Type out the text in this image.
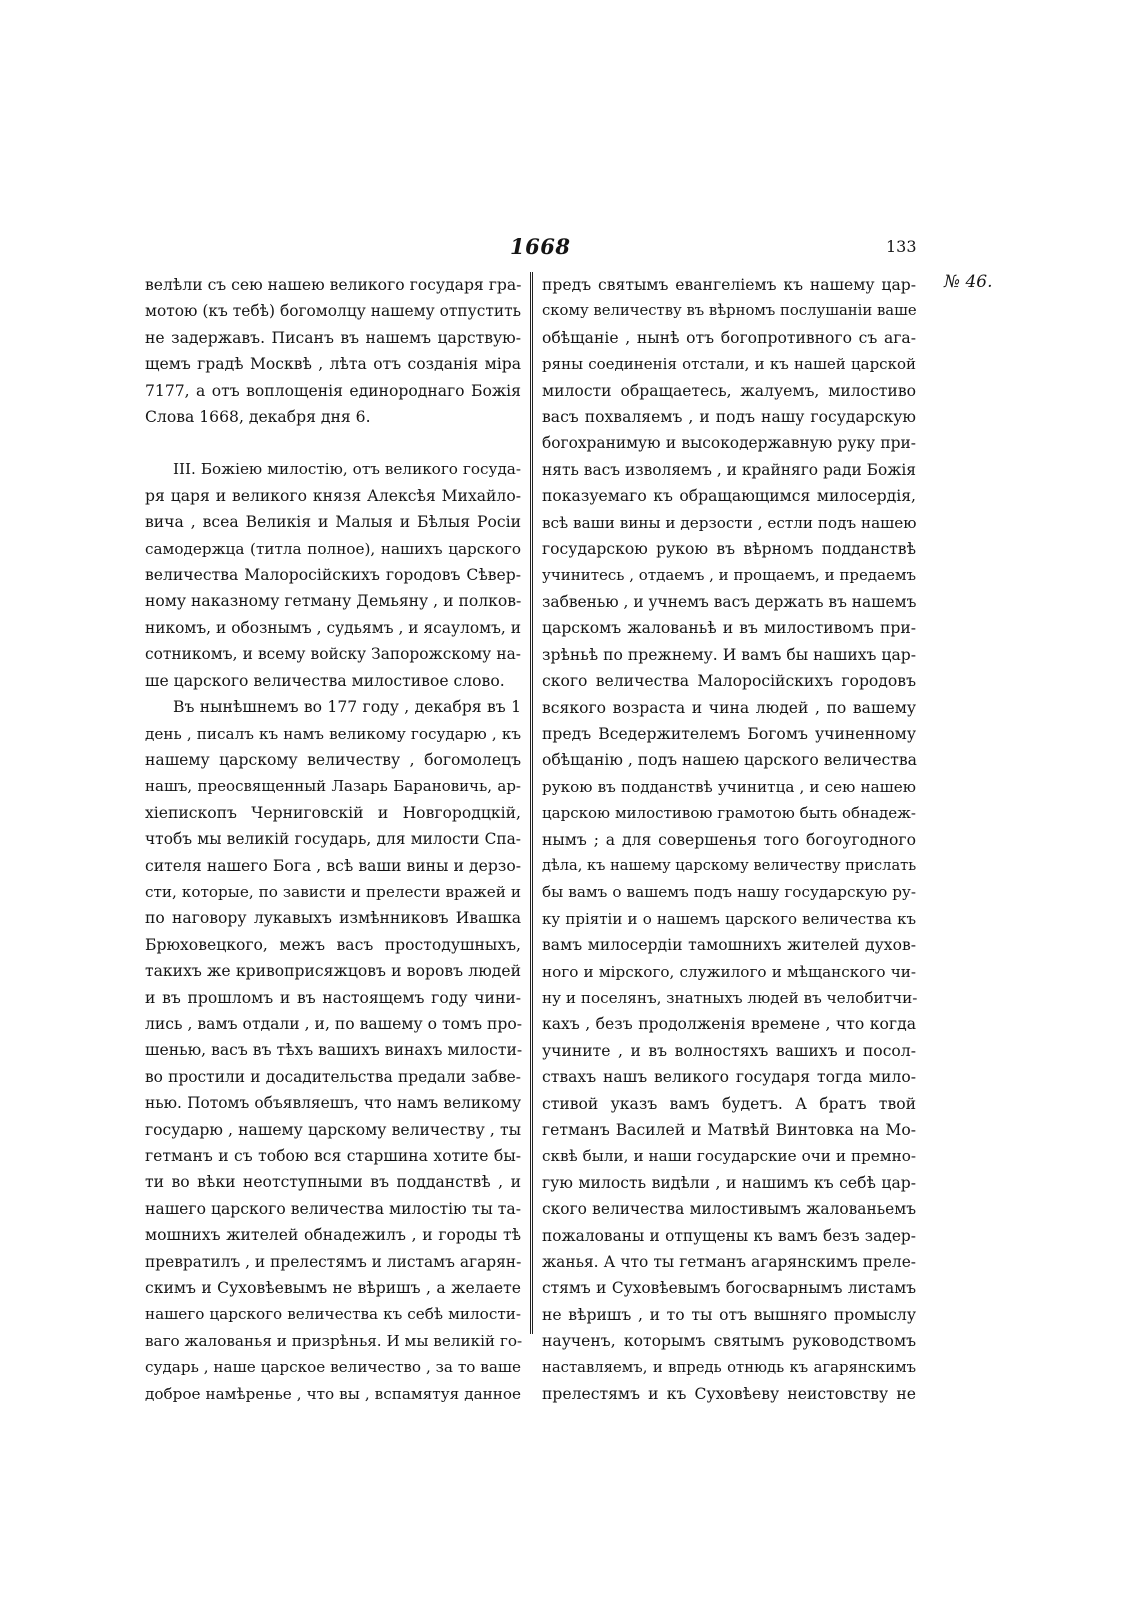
1668	133
№ 46.

велѣли съ сею нашею великого государя гра-

мотою (къ тебѣ) богомолцу нашему отпустить

не задержавъ. Писанъ въ нашемъ царствую-

щемъ градѣ Москвѣ , лѣта отъ созданія міра

7177, а отъ воплощенія единороднаго Божія

Слова 1668, декабря дня 6.

III. Божіею милостію, отъ великого госуда-

ря царя и великого князя Алексѣя Михайло-

вича , всеа Великія и Малыя и Бѣлыя Росіи

самодержца (титла полное), нашихъ царского

величества Малоросійскихъ городовъ Сѣвер-

ному наказному гетману Демьяну , и полков-

никомъ, и обознымъ , судьямъ , и ясауломъ, и

сотникомъ, и всему войску Запорожскому на-

ше царского величества милостивое слово.

Въ нынѣшнемъ во 177 году , декабря въ 1

день , писалъ къ намъ великому государю , къ

нашему царскому величеству , богомолецъ

нашъ, преосвященный Лазарь Барановичь, ар-

хіепископъ Черниговскій и Новгородцкій,

чтобъ мы великій государь, для милости Спа-

сителя нашего Бога , всѣ ваши вины и дерзо-

сти, которые, по зависти и прелести вражей и

по наговору лукавыхъ измѣнниковъ Ивашка

Брюховецкого, межъ васъ простодушныхъ,

такихъ же кривоприсяжцовъ и воровъ людей

и въ прошломъ и въ настоящемъ году чини-

лись , вамъ отдали , и, по вашему о томъ про-

шенью, васъ въ тѣхъ вашихъ винахъ милости-

во простили и досадительства предали забве-

нью. Потомъ объявляешъ, что намъ великому

государю , нашему царскому величеству , ты

гетманъ и съ тобою вся старшина хотите бы-

ти во вѣки неотступными въ подданствѣ , и

нашего царского величества милостію ты та-

мошнихъ жителей обнадежилъ , и городы тѣ

превратилъ , и прелестямъ и листамъ агарян-

скимъ и Суховѣевымъ не вѣришъ , а желаете

нашего царского величества къ себѣ милости-

ваго жалованья и призрѣнья. И мы великій го-

сударь , наше царское величество , за то ваше

доброе намѣренье , что вы , вспамятуя данное

предъ святымъ евангеліемъ къ нашему цар-

скому величеству въ вѣрномъ послушаніи ваше

обѣщаніе , нынѣ отъ богопротивного съ ага-

ряны соединенія отстали, и къ нашей царской

милости обращаетесь, жалуемъ, милостиво

васъ похваляемъ , и подъ нашу государскую

богохранимую и высокодержавную руку при-

нять васъ изволяемъ , и крайняго ради Божія

показуемаго къ обращающимся милосердія,

всѣ ваши вины и дерзости , естли подъ нашею

государскою рукою въ вѣрномъ подданствѣ

учинитесь , отдаемъ , и прощаемъ, и предаемъ

забвенью , и учнемъ васъ держать въ нашемъ

царскомъ жалованьѣ и въ милостивомъ при-

зрѣньѣ по прежнему. И вамъ бы нашихъ цар-

ского величества Малоросійскихъ городовъ

всякого возраста и чина людей , по вашему

предъ Вседержителемъ Богомъ учиненному

обѣщанію , подъ нашею царского величества

рукою въ подданствѣ учинитца , и сею нашею

царскою милостивою грамотою быть обнадеж-

нымъ ; а для совершенья того богоугодного

дѣла, къ нашему царскому величеству прислать

бы вамъ о вашемъ подъ нашу государскую ру-

ку пріятіи и о нашемъ царского величества къ

вамъ милосердіи тамошнихъ жителей духов-

ного и мірского, служилого и мѣщанского чи-

ну и поселянъ, знатныхъ людей въ челобитчи-

кахъ , безъ продолженія времене , что когда

учините , и въ волностяхъ вашихъ и посол-

ствахъ нашъ великого государя тогда мило-

стивой указъ вамъ будетъ. А братъ твой

гетманъ Василей и Матвѣй Винтовка на Мо-

сквѣ были, и наши государские очи и премно-

гую милость видѣли , и нашимъ къ себѣ цар-

ского величества милостивымъ жалованьемъ

пожалованы и отпущены къ вамъ безъ задер-

жанья. А что ты гетманъ агарянскимъ преле-

стямъ и Суховѣевымъ богосварнымъ листамъ

не вѣришъ , и то ты отъ вышняго промыслу

наученъ, которымъ святымъ руководствомъ

наставляемъ, и впредь отнюдь къ агарянскимъ

прелестямъ и къ Суховѣеву неистовству не
